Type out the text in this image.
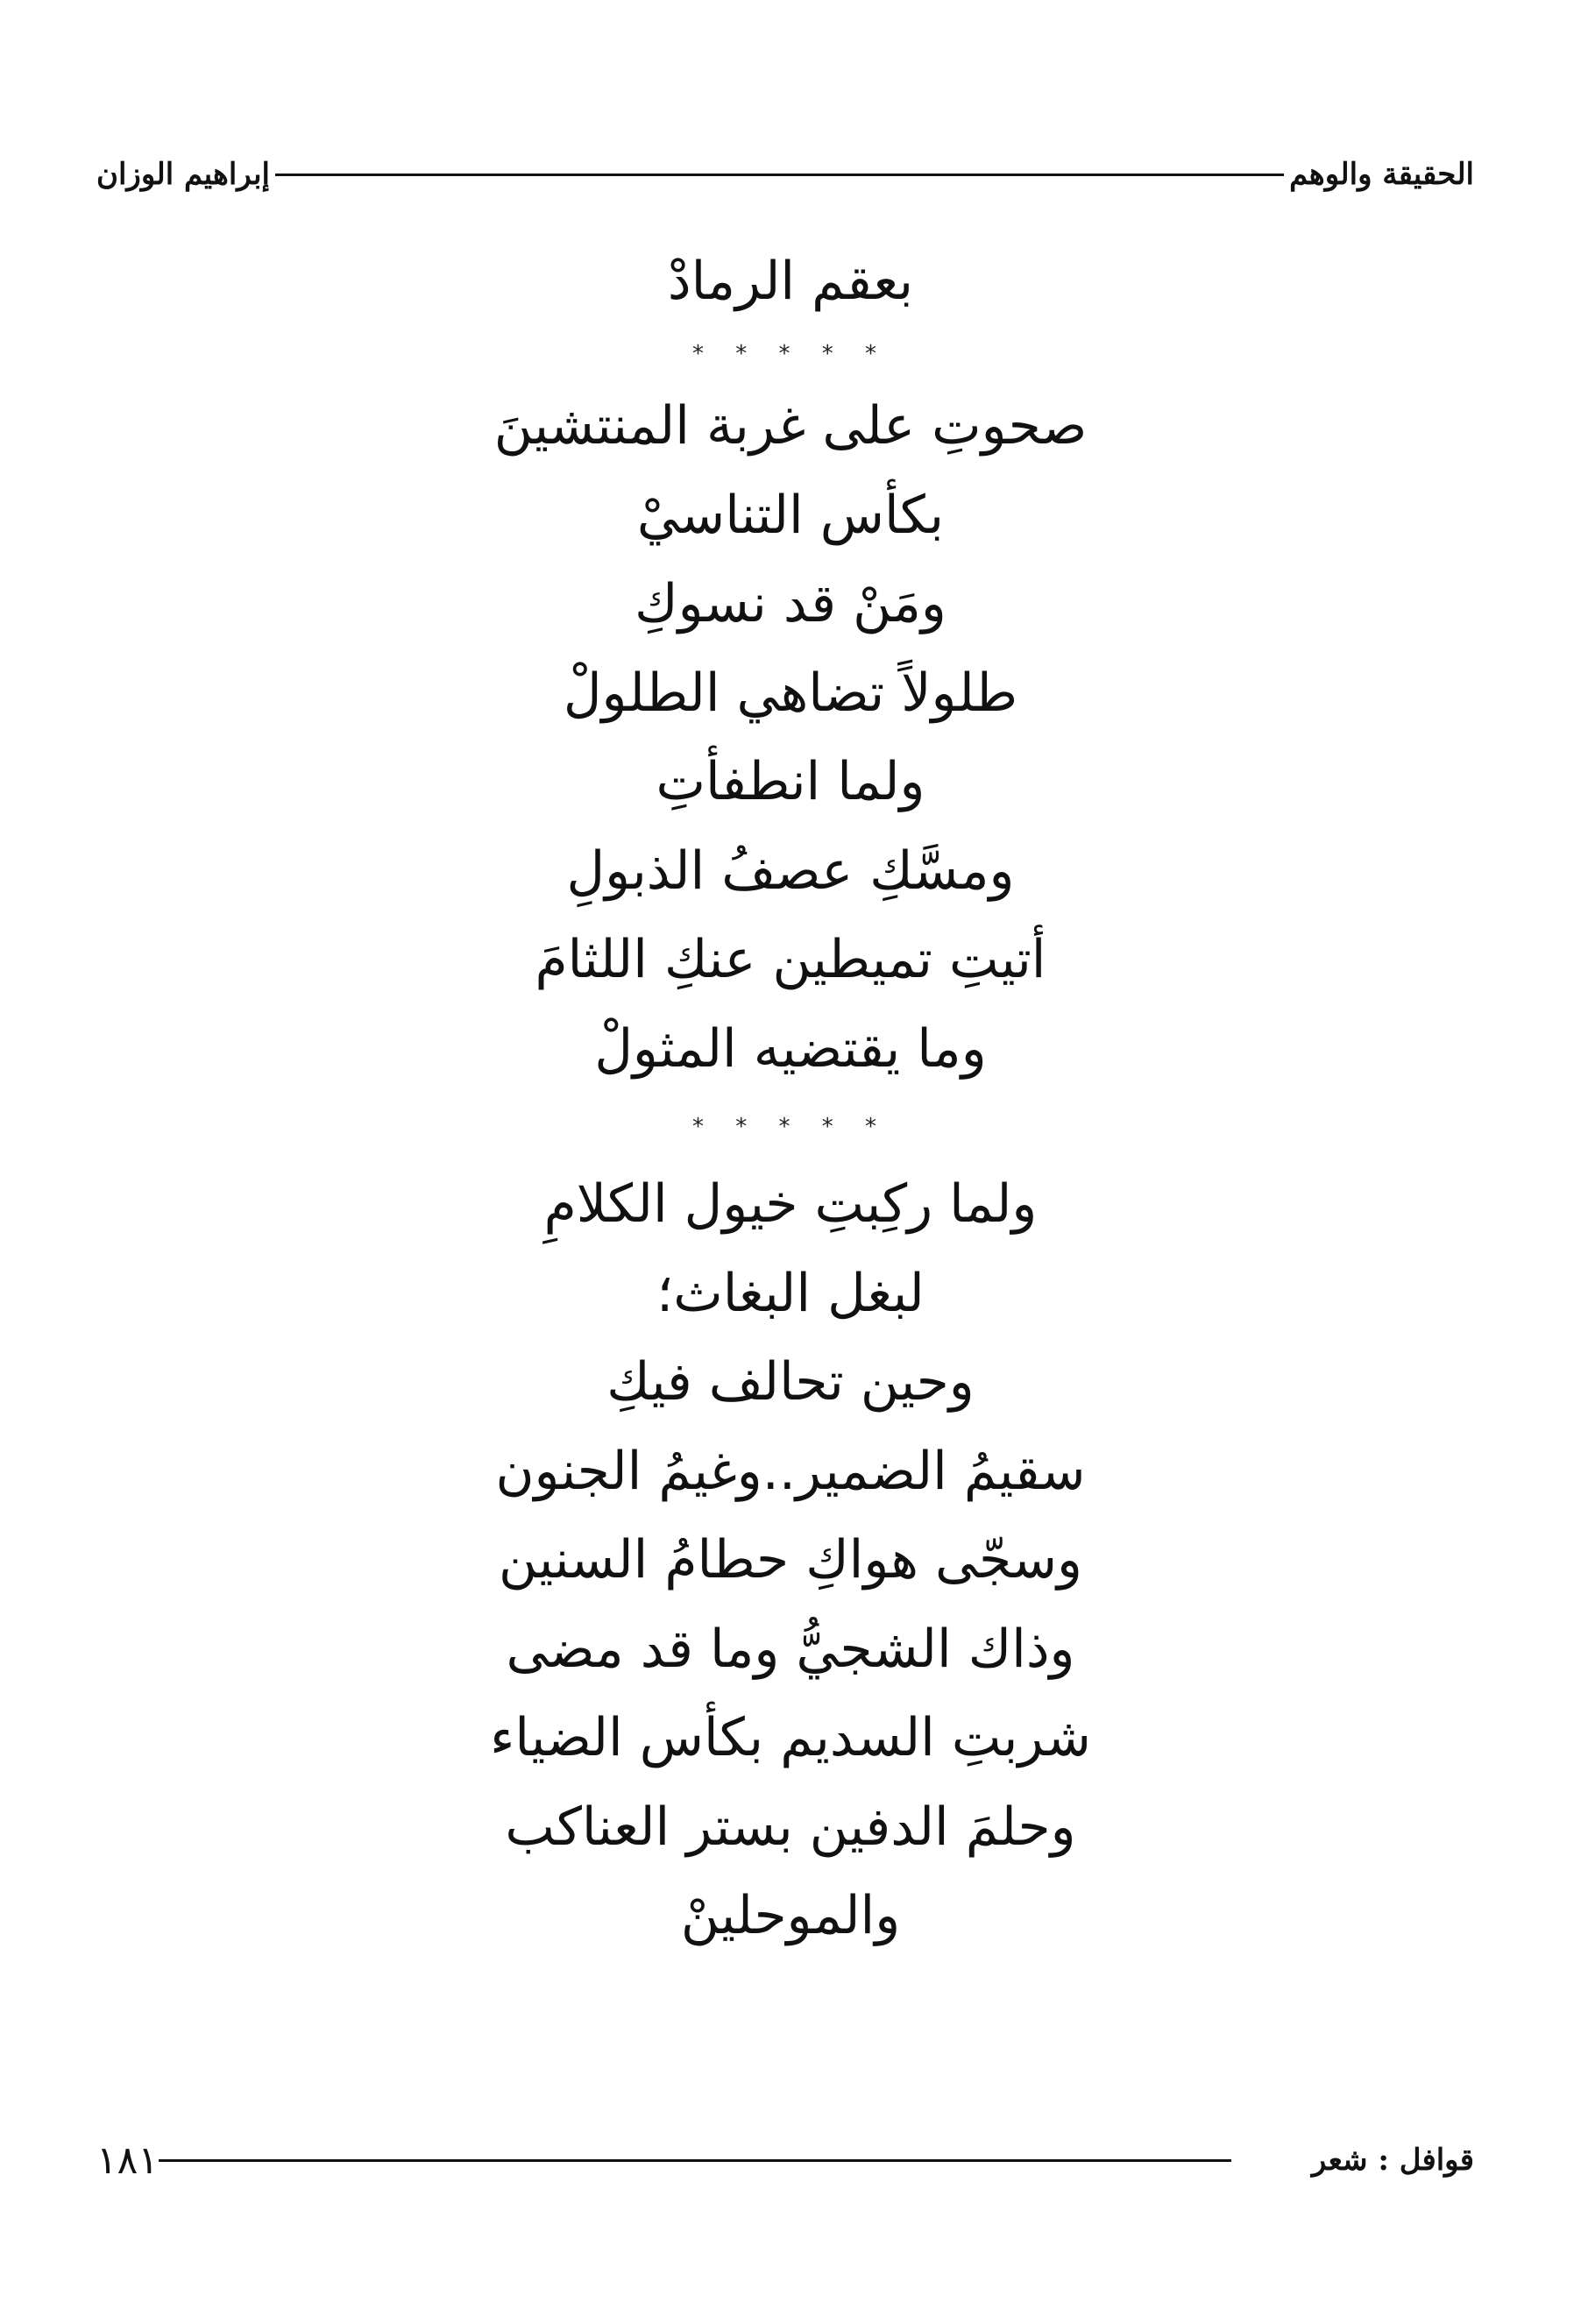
الحقيقة والوهم
إبراهيم الوزان
بعقم الرمادْ
* * * * *
صحوتِ على غربة المنتشينَ
بكأس التناسيْ
ومَنْ قد نسوكِ
طلولاً تضاهي الطلولْ
ولما انطفأتِ
ومسَّكِ عصفُ الذبولِ
أتيتِ تميطين عنكِ اللثامَ
وما يقتضيه المثولْ
* * * * *
ولما ركِبتِ خيول الكلامِ
لبغل البغاث؛
وحين تحالف فيكِ
سقيمُ الضمير..وغيمُ الجنون
وسجّى هواكِ حطامُ السنين
وذاك الشجيُّ وما قد مضى
شربتِ السديم بكأس الضياء
وحلمَ الدفين بستر العناكب
والموحلينْ
قوافل : شعر
١٨١
